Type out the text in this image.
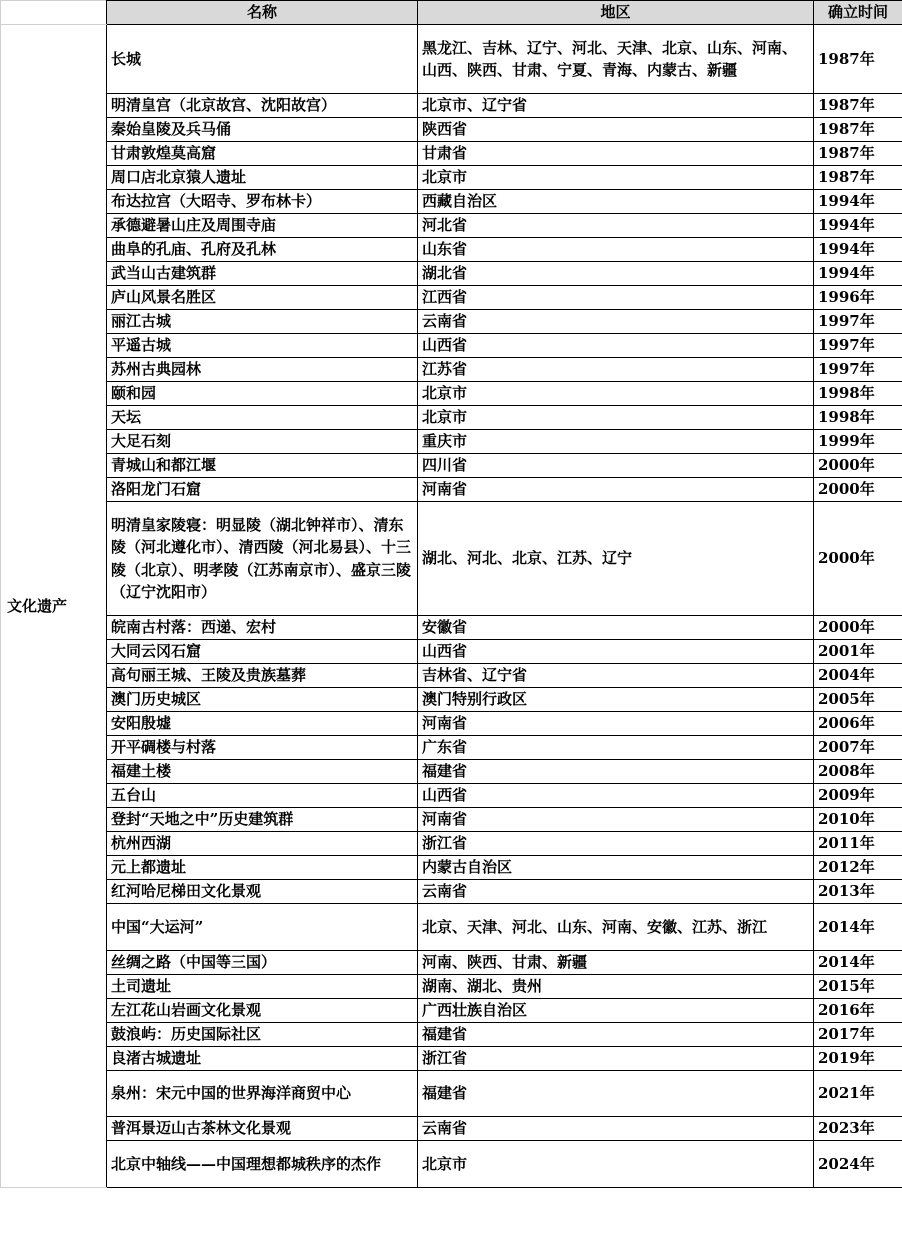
	名称	地区	确立时间
文化遗产	长城	黑龙江、吉林、辽宁、河北、天津、北京、山东、河南、山西、陕西、甘肃、宁夏、青海、内蒙古、新疆	1987年
	明清皇宫（北京故宫、沈阳故宫）	北京市、辽宁省	1987年
	秦始皇陵及兵马俑	陕西省	1987年
	甘肃敦煌莫高窟	甘肃省	1987年
	周口店北京猿人遗址	北京市	1987年
	布达拉宫（大昭寺、罗布林卡）	西藏自治区	1994年
	承德避暑山庄及周围寺庙	河北省	1994年
	曲阜的孔庙、孔府及孔林	山东省	1994年
	武当山古建筑群	湖北省	1994年
	庐山风景名胜区	江西省	1996年
	丽江古城	云南省	1997年
	平遥古城	山西省	1997年
	苏州古典园林	江苏省	1997年
	颐和园	北京市	1998年
	天坛	北京市	1998年
	大足石刻	重庆市	1999年
	青城山和都江堰	四川省	2000年
	洛阳龙门石窟	河南省	2000年
	明清皇家陵寝：明显陵（湖北钟祥市）、清东陵（河北遵化市）、清西陵（河北易县）、十三陵（北京）、明孝陵（江苏南京市）、盛京三陵（辽宁沈阳市）	湖北、河北、北京、江苏、辽宁	2000年
	皖南古村落：西递、宏村	安徽省	2000年
	大同云冈石窟	山西省	2001年
	高句丽王城、王陵及贵族墓葬	吉林省、辽宁省	2004年
	澳门历史城区	澳门特别行政区	2005年
	安阳殷墟	河南省	2006年
	开平碉楼与村落	广东省	2007年
	福建土楼	福建省	2008年
	五台山	山西省	2009年
	登封“天地之中”历史建筑群	河南省	2010年
	杭州西湖	浙江省	2011年
	元上都遗址	内蒙古自治区	2012年
	红河哈尼梯田文化景观	云南省	2013年
	中国“大运河”	北京、天津、河北、山东、河南、安徽、江苏、浙江	2014年
	丝绸之路（中国等三国）	河南、陕西、甘肃、新疆	2014年
	土司遗址	湖南、湖北、贵州	2015年
	左江花山岩画文化景观	广西壮族自治区	2016年
	鼓浪屿：历史国际社区	福建省	2017年
	良渚古城遗址	浙江省	2019年
	泉州：宋元中国的世界海洋商贸中心	福建省	2021年
	普洱景迈山古茶林文化景观	云南省	2023年
	北京中轴线——中国理想都城秩序的杰作	北京市	2024年
